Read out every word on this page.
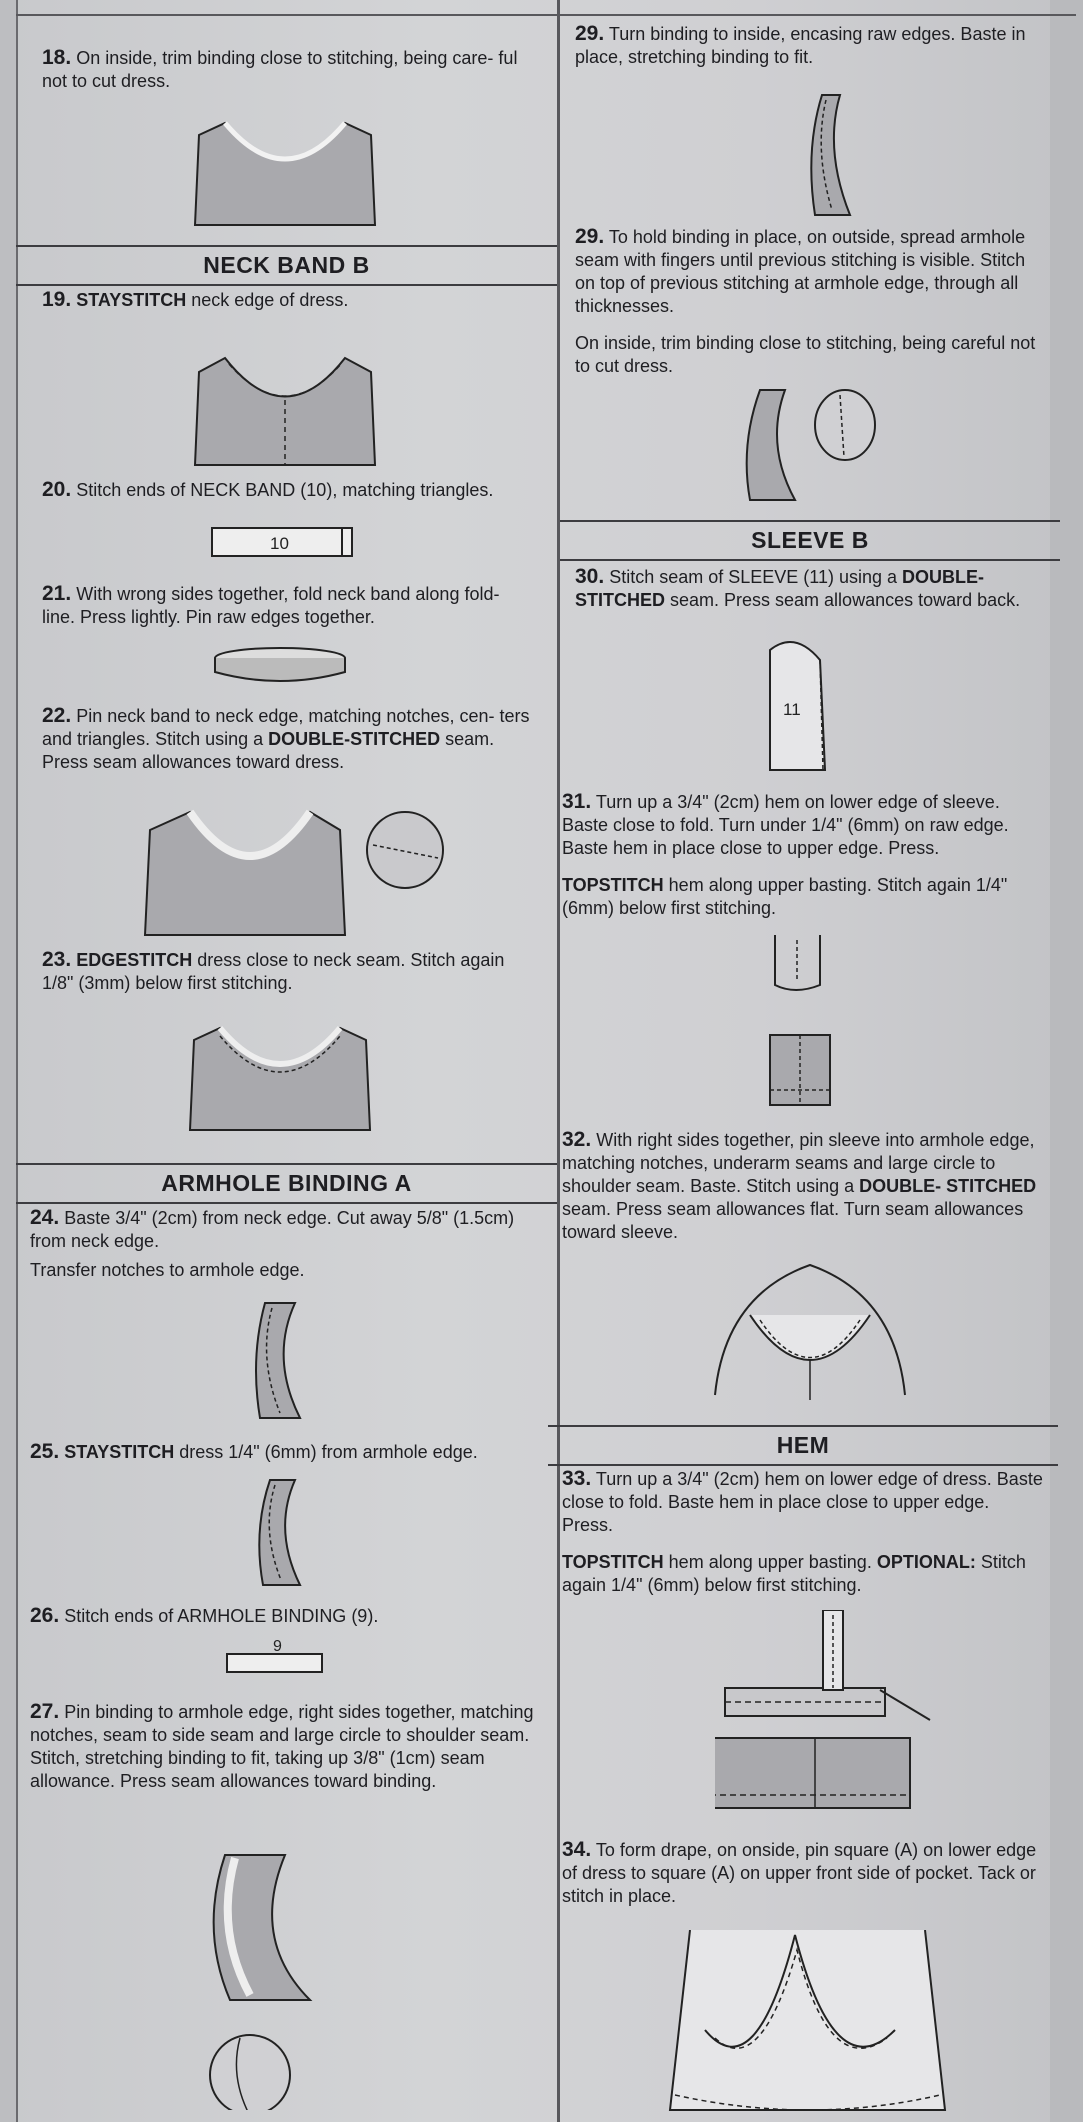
18. On inside, trim binding close to stitching, being care- ful not to cut dress.
NECK BAND B
19. STAYSTITCH neck edge of dress.
20. Stitch ends of NECK BAND (10), matching triangles.
10
21. With wrong sides together, fold neck band along fold- line. Press lightly. Pin raw edges together.
22. Pin neck band to neck edge, matching notches, cen- ters and triangles. Stitch using a DOUBLE-STITCHED seam. Press seam allowances toward dress.
23. EDGESTITCH dress close to neck seam. Stitch again 1/8" (3mm) below first stitching.
ARMHOLE BINDING A
24. Baste 3/4" (2cm) from neck edge. Cut away 5/8" (1.5cm) from neck edge.
Transfer notches to armhole edge.
25. STAYSTITCH dress 1/4" (6mm) from armhole edge.
26. Stitch ends of ARMHOLE BINDING (9).
9
27. Pin binding to armhole edge, right sides together, matching notches, seam to side seam and large circle to shoulder seam. Stitch, stretching binding to fit, taking up 3/8" (1cm) seam allowance. Press seam allowances toward binding.
29. Turn binding to inside, encasing raw edges. Baste in place, stretching binding to fit.
29. To hold binding in place, on outside, spread armhole seam with fingers until previous stitching is visible. Stitch on top of previous stitching at armhole edge, through all thicknesses.
On inside, trim binding close to stitching, being careful not to cut dress.
SLEEVE B
30. Stitch seam of SLEEVE (11) using a DOUBLE- STITCHED seam. Press seam allowances toward back.
11
31. Turn up a 3/4" (2cm) hem on lower edge of sleeve. Baste close to fold. Turn under 1/4" (6mm) on raw edge. Baste hem in place close to upper edge. Press.
TOPSTITCH hem along upper basting. Stitch again 1/4" (6mm) below first stitching.
32. With right sides together, pin sleeve into armhole edge, matching notches, underarm seams and large circle to shoulder seam. Baste. Stitch using a DOUBLE- STITCHED seam. Press seam allowances flat. Turn seam allowances toward sleeve.
HEM
33. Turn up a 3/4" (2cm) hem on lower edge of dress. Baste close to fold. Baste hem in place close to upper edge. Press.
TOPSTITCH hem along upper basting. OPTIONAL: Stitch again 1/4" (6mm) below first stitching.
34. To form drape, on onside, pin square (A) on lower edge of dress to square (A) on upper front side of pocket. Tack or stitch in place.
